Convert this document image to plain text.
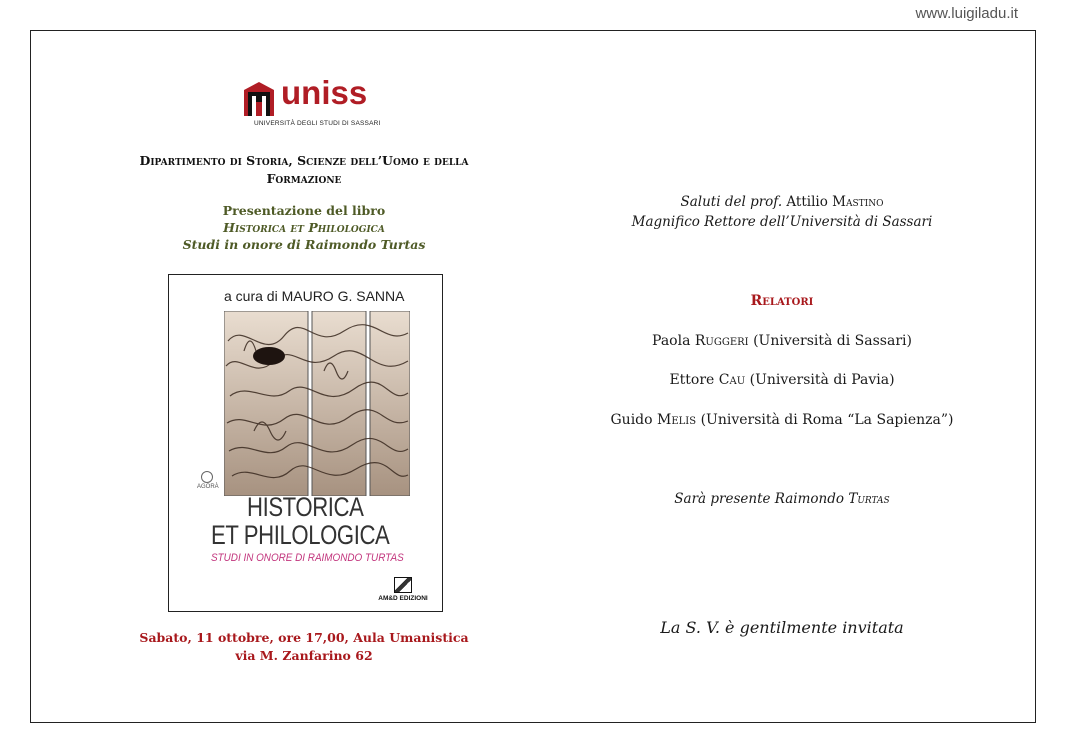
www.luigiladu.it
uniss
UNIVERSITÀ DEGLI STUDI DI SASSARI
Dipartimento di Storia, Scienze dell’Uomo e della
Formazione
Presentazione del libro
Historica et Philologica
Studi in onore di Raimondo Turtas
a cura di MAURO G. SANNA
AGORÀ
HISTORICA
ET PHILOLOGICA
STUDI IN ONORE DI RAIMONDO TURTAS
AM&D EDIZIONI
Sabato, 11 ottobre, ore 17,00, Aula Umanistica
via M. Zanfarino 62
Saluti del prof. Attilio Mastino
Magnifico Rettore dell’Università di Sassari
Relatori
Paola Ruggeri (Università di Sassari)
Ettore Cau (Università di Pavia)
Guido Melis (Università di Roma “La Sapienza”)
Sarà presente Raimondo Turtas
La S. V. è gentilmente invitata
